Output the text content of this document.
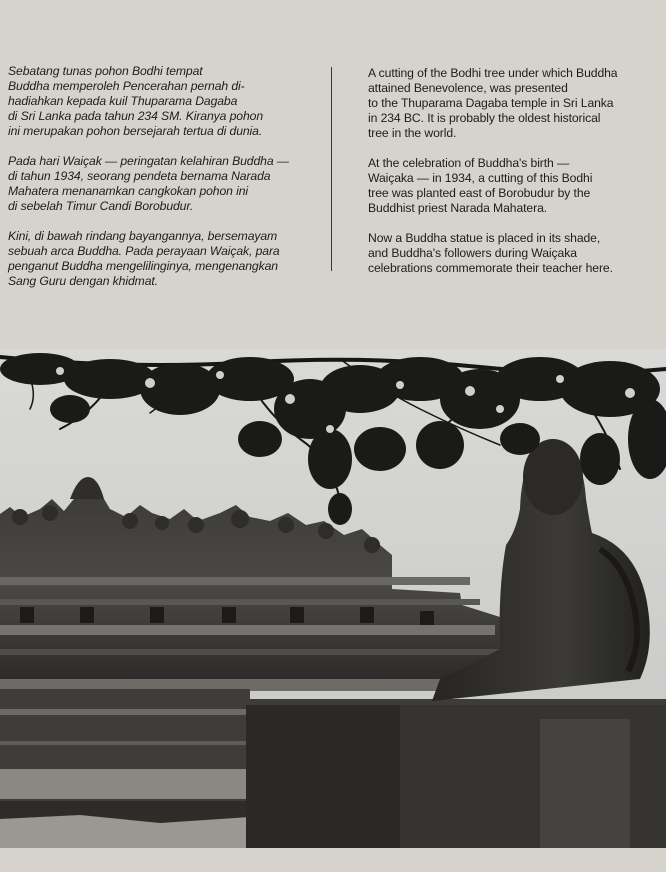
Sebatang tunas pohon Bodhi tempat
Buddha memperoleh Pencerahan pernah di-
hadiahkan kepada kuil Thuparama Dagaba
di Sri Lanka pada tahun 234 SM. Kiranya pohon
ini merupakan pohon bersejarah tertua di dunia.

Pada hari Waiçak — peringatan kelahiran Buddha —
di tahun 1934, seorang pendeta bernama Narada
Mahatera menanamkan cangkokan pohon ini
di sebelah Timur Candi Borobudur.

Kini, di bawah rindang bayangannya, bersemayam
sebuah arca Buddha. Pada perayaan Waiçak, para
penganut Buddha mengelilinginya, mengenangkan
Sang Guru dengan khidmat.

A cutting of the Bodhi tree under which Buddha
attained Benevolence, was presented
to the Thuparama Dagaba temple in Sri Lanka
in 234 BC. It is probably the oldest historical
tree in the world.

At the celebration of Buddha's birth —
Waiçaka — in 1934, a cutting of this Bodhi
tree was planted east of Borobudur by the
Buddhist priest Narada Mahatera.

Now a Buddha statue is placed in its shade,
and Buddha's followers during Waiçaka
celebrations commemorate their teacher here.
